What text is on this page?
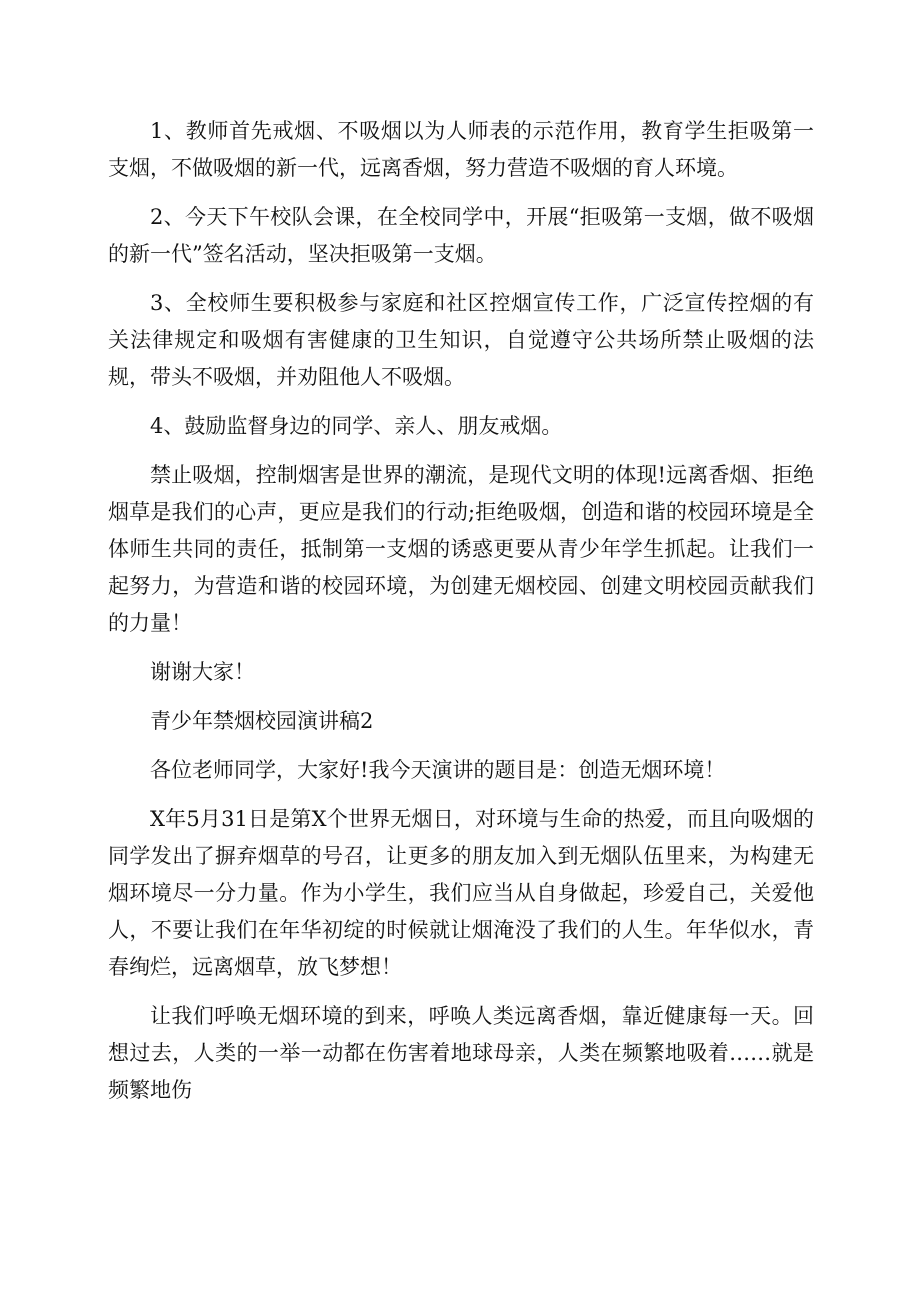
1、教师首先戒烟、不吸烟以为人师表的示范作用，教育学生拒吸第一支烟，不做吸烟的新一代，远离香烟，努力营造不吸烟的育人环境。

2、今天下午校队会课，在全校同学中，开展“拒吸第一支烟，做不吸烟的新一代”签名活动，坚决拒吸第一支烟。

3、全校师生要积极参与家庭和社区控烟宣传工作，广泛宣传控烟的有关法律规定和吸烟有害健康的卫生知识，自觉遵守公共场所禁止吸烟的法规，带头不吸烟，并劝阻他人不吸烟。

4、鼓励监督身边的同学、亲人、朋友戒烟。

禁止吸烟，控制烟害是世界的潮流，是现代文明的体现!远离香烟、拒绝烟草是我们的心声，更应是我们的行动;拒绝吸烟，创造和谐的校园环境是全体师生共同的责任，抵制第一支烟的诱惑更要从青少年学生抓起。让我们一起努力，为营造和谐的校园环境，为创建无烟校园、创建文明校园贡献我们的力量！

谢谢大家！

青少年禁烟校园演讲稿2

各位老师同学，大家好!我今天演讲的题目是：创造无烟环境！

X年5月31日是第X个世界无烟日，对环境与生命的热爱，而且向吸烟的同学发出了摒弃烟草的号召，让更多的朋友加入到无烟队伍里来，为构建无烟环境尽一分力量。作为小学生，我们应当从自身做起，珍爱自己，关爱他人，不要让我们在年华初绽的时候就让烟淹没了我们的人生。年华似水，青春绚烂，远离烟草，放飞梦想！

让我们呼唤无烟环境的到来，呼唤人类远离香烟，靠近健康每一天。回想过去，人类的一举一动都在伤害着地球母亲，人类在频繁地吸着……就是频繁地伤
